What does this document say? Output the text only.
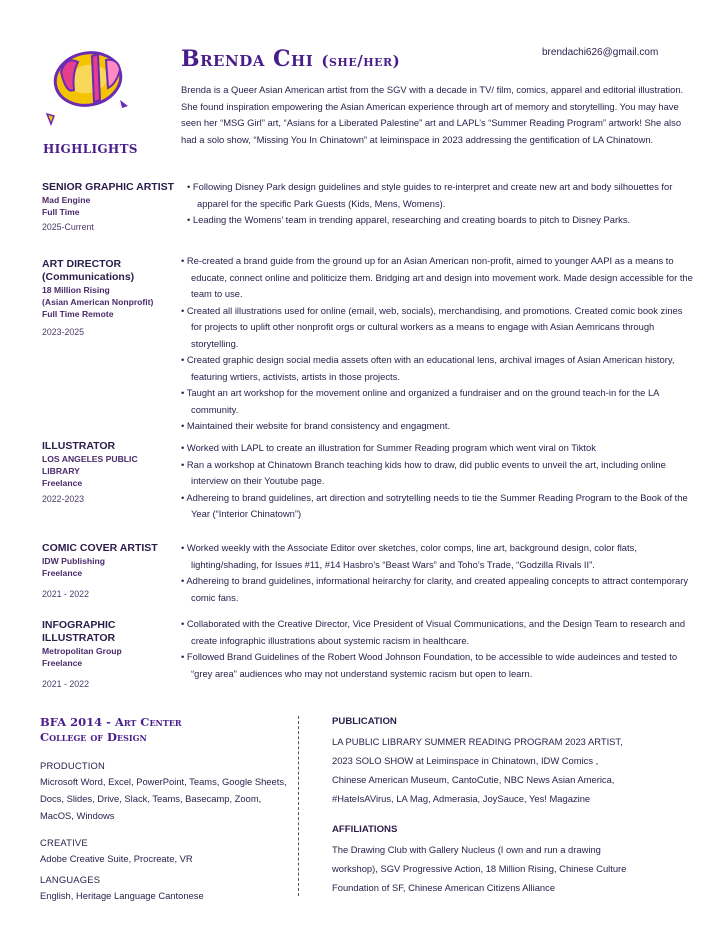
Brenda Chi (she/her)	brendachi626@gmail.com
Brenda is a Queer Asian American artist from the SGV with a decade in TV/ film, comics, apparel and editorial illustration. She found inspiration empowering the Asian American experience through art of memory and storytelling. You may have seen her “MSG Girl” art, “Asians for a Liberated Palestine” art and LAPL’s “Summer Reading Program” artwork! She also had a solo show, “Missing You In Chinatown” at leiminspace in 2023 addressing the gentification of LA Chinatown.
HIGHLIGHTS
SENIOR GRAPHIC ARTIST
Mad Engine
Full Time
2025-Current
• Following Disney Park design guidelines and style guides to re-interpret and create new art and body silhouettes for apparel for the specific Park Guests (Kids, Mens, Womens).
• Leading the Womens’ team in trending apparel, researching and creating boards to pitch to Disney Parks.
ART DIRECTOR (Communications)
18 Million Rising
(Asian American Nonprofit)
Full Time Remote
2023-2025
• Re-created a brand guide from the ground up for an Asian American non-profit, aimed to younger AAPI as a means to educate, connect online and politicize them. Bridging art and design into movement work. Made design accessible for the team to use.
• Created all illustrations used for online (email, web, socials), merchandising, and promotions. Created comic book zines for projects to uplift other nonprofit orgs or cultural workers as a means to engage with Asian Aemricans through storytelling.
• Created graphic design social media assets often with an educational lens, archival images of Asian American history, featuring wrtiers, activists, artists in those projects.
• Taught an art workshop for the movement online and organized a fundraiser and on the ground teach-in for the LA community.
• Maintained their website for brand consistency and engagment.
ILLUSTRATOR
LOS ANGELES PUBLIC LIBRARY
Freelance
2022-2023
• Worked with LAPL to create an illustration for Summer Reading program which went viral on Tiktok
• Ran a workshop at Chinatown Branch teaching kids how to draw, did public events to unveil the art, including online interview on their Youtube page.
• Adhereing to brand guidelines, art direction and sotrytelling needs to tie the Summer Reading Program to the Book of the Year (“Interior Chinatown”)
COMIC COVER ARTIST
IDW Publishing
Freelance
2021 - 2022
• Worked weekly with the Associate Editor over sketches, color comps, line art, background design, color flats, lighting/shading, for Issues #11, #14 Hasbro’s “Beast Wars” and Toho’s Trade, “Godzilla Rivals II”.
• Adhereing to brand guidelines, informational heirarchy for clarity, and created appealing concepts to attract contemporary comic fans.
INFOGRAPHIC ILLUSTRATOR
Metropolitan Group
Freelance
2021 - 2022
• Collaborated with the Creative Director, Vice President of Visual Communications, and the Design Team to research and create infographic illustrations about systemic racism in healthcare.
• Followed Brand Guidelines of the Robert Wood Johnson Foundation, to be accessible to wide audeinces and tested to “grey area” audiences who may not understand systemic racism but open to learn.
BFA 2014 - Art Center College of Design
PRODUCTION
Microsoft Word, Excel, PowerPoint, Teams, Google Sheets, Docs, Slides, Drive, Slack, Teams, Basecamp, Zoom, MacOS, Windows
CREATIVE
Adobe Creative Suite, Procreate, VR
LANGUAGES
English, Heritage Language Cantonese
PUBLICATION
LA PUBLIC LIBRARY SUMMER READING PROGRAM 2023 ARTIST,
2023 SOLO SHOW at Leiminspace in Chinatown, IDW Comics ,
Chinese American Museum, CantoCutie, NBC News Asian America,
#HateIsAVirus, LA Mag, Admerasia, JoySauce, Yes! Magazine
AFFILIATIONS
The Drawing Club with Gallery Nucleus (I own and run a drawing
workshop), SGV Progressive Action, 18 Million Rising, Chinese Culture
Foundation of SF, Chinese American Citizens Alliance
